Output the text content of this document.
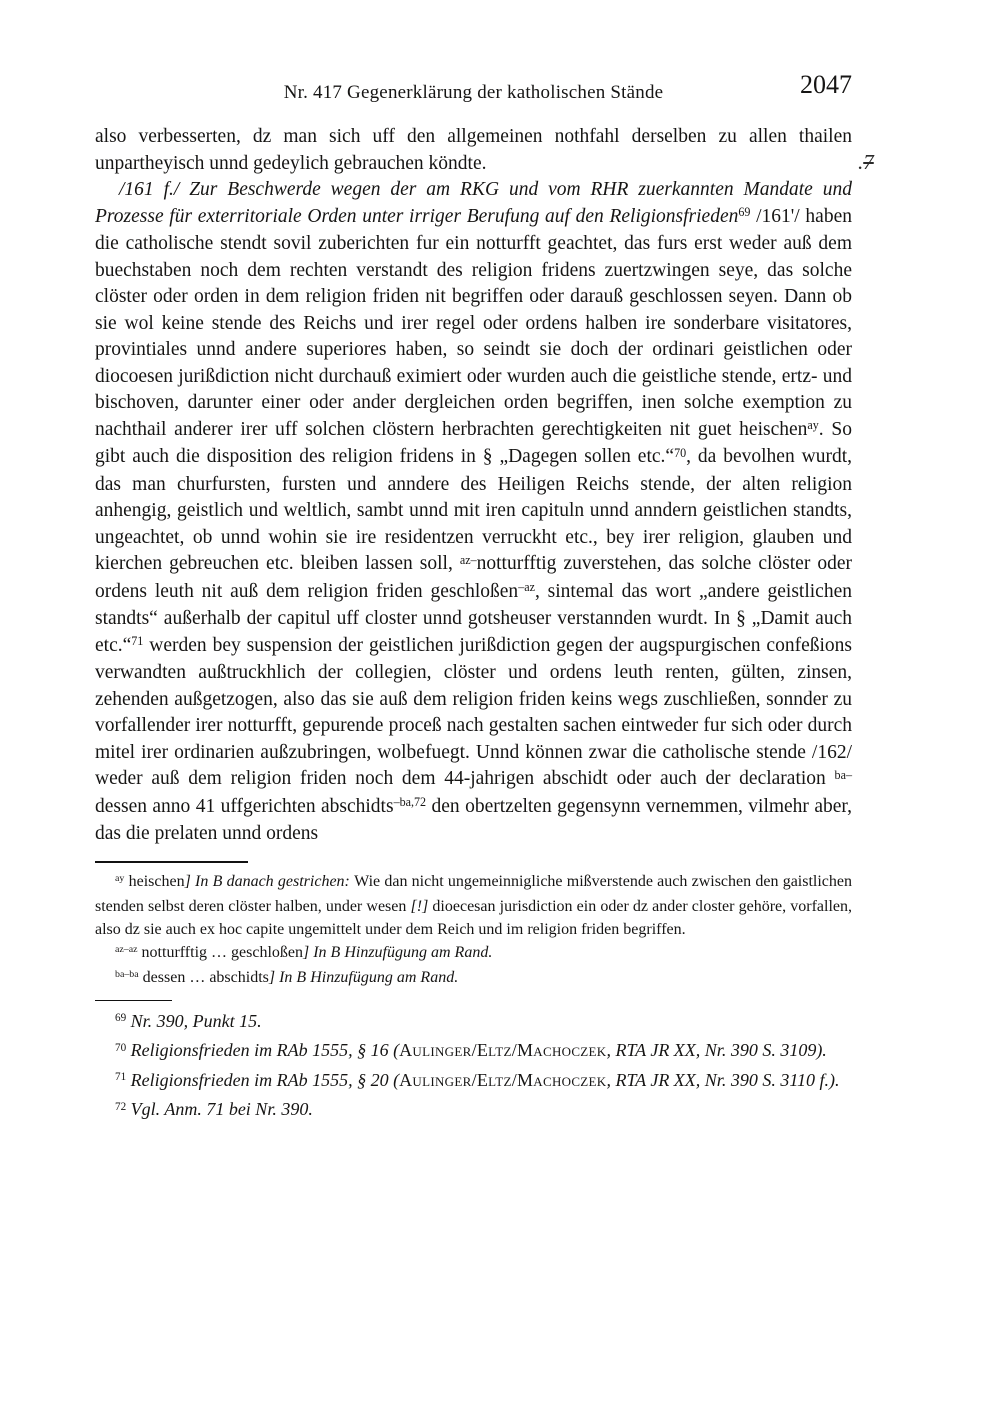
.7
Nr. 417 Gegenerklärung der katholischen Stände	2047

also verbesserten, dz man sich uff den allgemeinen nothfahl derselben zu allen thailen unpartheyisch unnd gedeylich gebrauchen köndte.

/161 f./ Zur Beschwerde wegen der am RKG und vom RHR zuerkannten Mandate und Prozesse für exterritoriale Orden unter irriger Berufung auf den Religionsfrieden$^{69}$ /161'/ haben die catholische stendt sovil zuberichten fur ein notturfft geachtet, das furs erst weder auß dem buechstaben noch dem rechten verstandt des religion fridens zuertzwingen seye, das solche clöster oder orden in dem religion friden nit begriffen oder darauß geschlossen seyen. Dann ob sie wol keine stende des Reichs und irer regel oder ordens halben ire sonderbare visitatores, provintiales unnd andere superiores haben, so seindt sie doch der ordinari geistlichen oder diocoesen jurißdiction nicht durchauß eximiert oder wurden auch die geistliche stende, ertz- und bischoven, darunter einer oder ander dergleichen orden begriffen, inen solche exemption zu nachthail anderer irer uff solchen clöstern herbrachten gerechtigkeiten nit guet heischen$^{ay}$. So gibt auch die disposition des religion fridens in § „Dagegen sollen etc.“$^{70}$, da bevolhen wurdt, das man churfursten, fursten und anndere des Heiligen Reichs stende, der alten religion anhengig, geistlich und weltlich, sambt unnd mit iren capituln unnd anndern geistlichen standts, ungeachtet, ob unnd wohin sie ire residentzen verruckht etc., bey irer religion, glauben und kierchen gebreuchen etc. bleiben lassen soll, $^{az-}$notturfftig zuverstehen, das solche clöster oder ordens leuth nit auß dem religion friden geschloßen$^{-az}$, sintemal das wort „andere geistlichen standts“ außerhalb der capitul uff closter unnd gotsheuser verstannden wurdt. In § „Damit auch etc.“$^{71}$ werden bey suspension der geistlichen jurißdiction gegen der augspurgischen confeßions verwandten außtruckhlich der collegien, clöster und ordens leuth renten, gülten, zinsen, zehenden außgetzogen, also das sie auß dem religion friden keins wegs zuschließen, sonnder zu vorfallender irer notturfft, gepurende proceß nach gestalten sachen eintweder fur sich oder durch mitel irer ordinarien außzubringen, wolbefuegt. Unnd können zwar die catholische stende /162/ weder auß dem religion friden noch dem 44-jahrigen abschidt oder auch der declaration $^{ba-}$dessen anno 41 uffgerichten abschidts$^{-ba,72}$ den obertzelten gegensynn vernemmen, vilmehr aber, das die prelaten unnd ordens

$^{ay}$ heischen] In B danach gestrichen: Wie dan nicht ungemeinnigliche mißverstende auch zwischen den gaistlichen stenden selbst deren clöster halben, under wesen [!] dioecesan jurisdiction ein oder dz ander closter gehöre, vorfallen, also dz sie auch ex hoc capite ungemittelt under dem Reich und im religion friden begriffen.

$^{az-az}$ notturfftig … geschloßen] In B Hinzufügung am Rand.

$^{ba-ba}$ dessen … abschidts] In B Hinzufügung am Rand.

$^{69}$ Nr. 390, Punkt 15.

$^{70}$ Religionsfrieden im RAb 1555, § 16 (Aulinger/Eltz/Machoczek, RTA JR XX, Nr. 390 S. 3109).

$^{71}$ Religionsfrieden im RAb 1555, § 20 (Aulinger/Eltz/Machoczek, RTA JR XX, Nr. 390 S. 3110 f.).

$^{72}$ Vgl. Anm. 71 bei Nr. 390.
